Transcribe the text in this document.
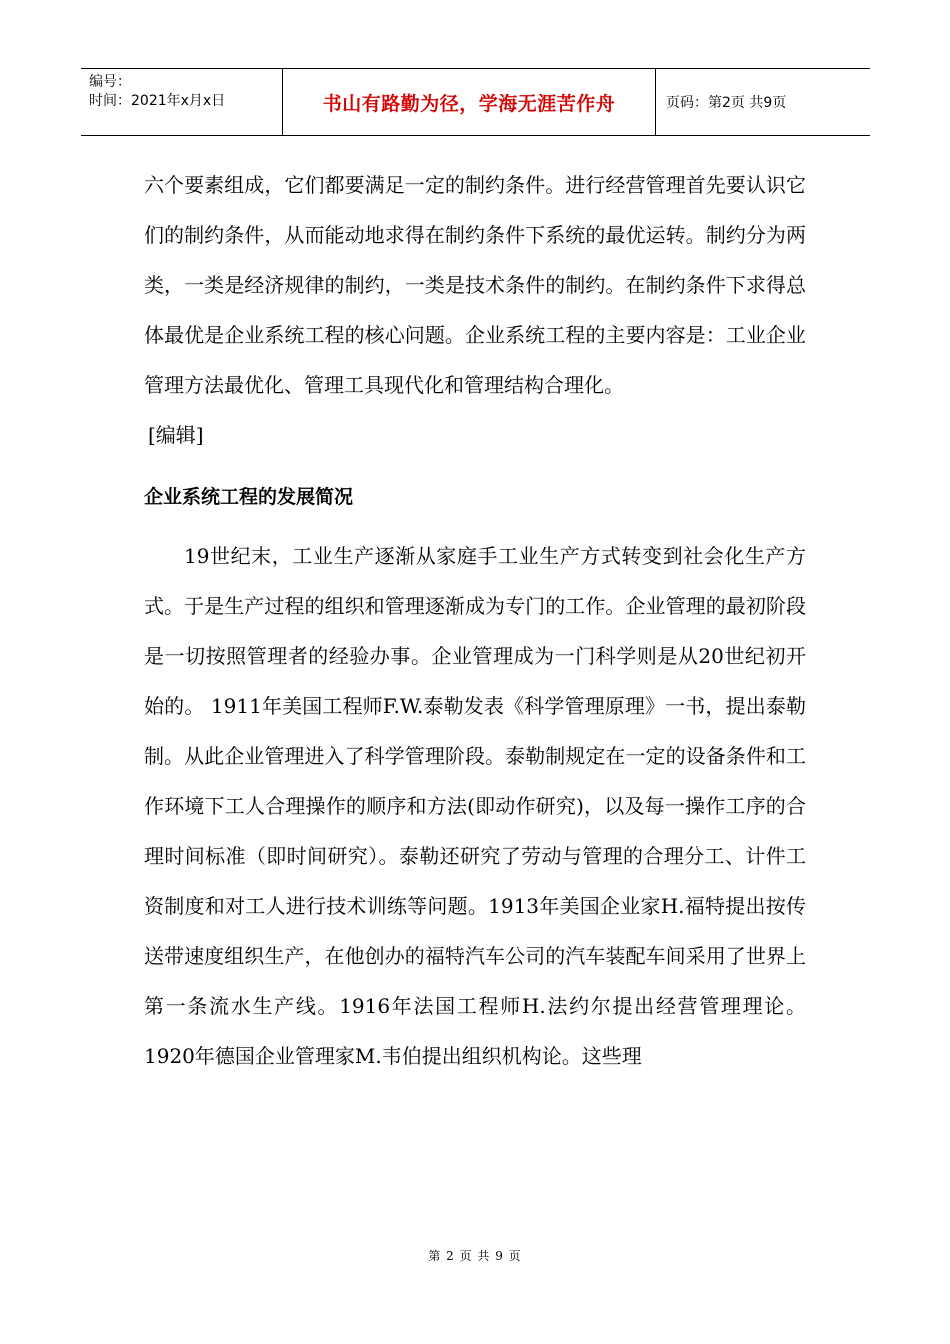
编号：
时间：2021年x月x日	书山有路勤为径，学海无涯苦作舟	页码：第2页 共9页

六个要素组成，它们都要满足一定的制约条件。进行经营管理首先要认识它们的制约条件，从而能动地求得在制约条件下系统的最优运转。制约分为两类，一类是经济规律的制约，一类是技术条件的制约。在制约条件下求得总体最优是企业系统工程的核心问题。企业系统工程的主要内容是：工业企业管理方法最优化、管理工具现代化和管理结构合理化。

[编辑]

企业系统工程的发展简况

19世纪末，工业生产逐渐从家庭手工业生产方式转变到社会化生产方式。于是生产过程的组织和管理逐渐成为专门的工作。企业管理的最初阶段是一切按照管理者的经验办事。企业管理成为一门科学则是从20世纪初开始的。 1911年美国工程师F.W.泰勒发表《科学管理原理》一书，提出泰勒制。从此企业管理进入了科学管理阶段。泰勒制规定在一定的设备条件和工作环境下工人合理操作的顺序和方法(即动作研究)，以及每一操作工序的合理时间标准（即时间研究）。泰勒还研究了劳动与管理的合理分工、计件工资制度和对工人进行技术训练等问题。1913年美国企业家H.福特提出按传送带速度组织生产，在他创办的福特汽车公司的汽车装配车间采用了世界上第一条流水生产线。1916年法国工程师H.法约尔提出经营管理理论。1920年德国企业管理家M.韦伯提出组织机构论。这些理

第 2 页 共 9 页
